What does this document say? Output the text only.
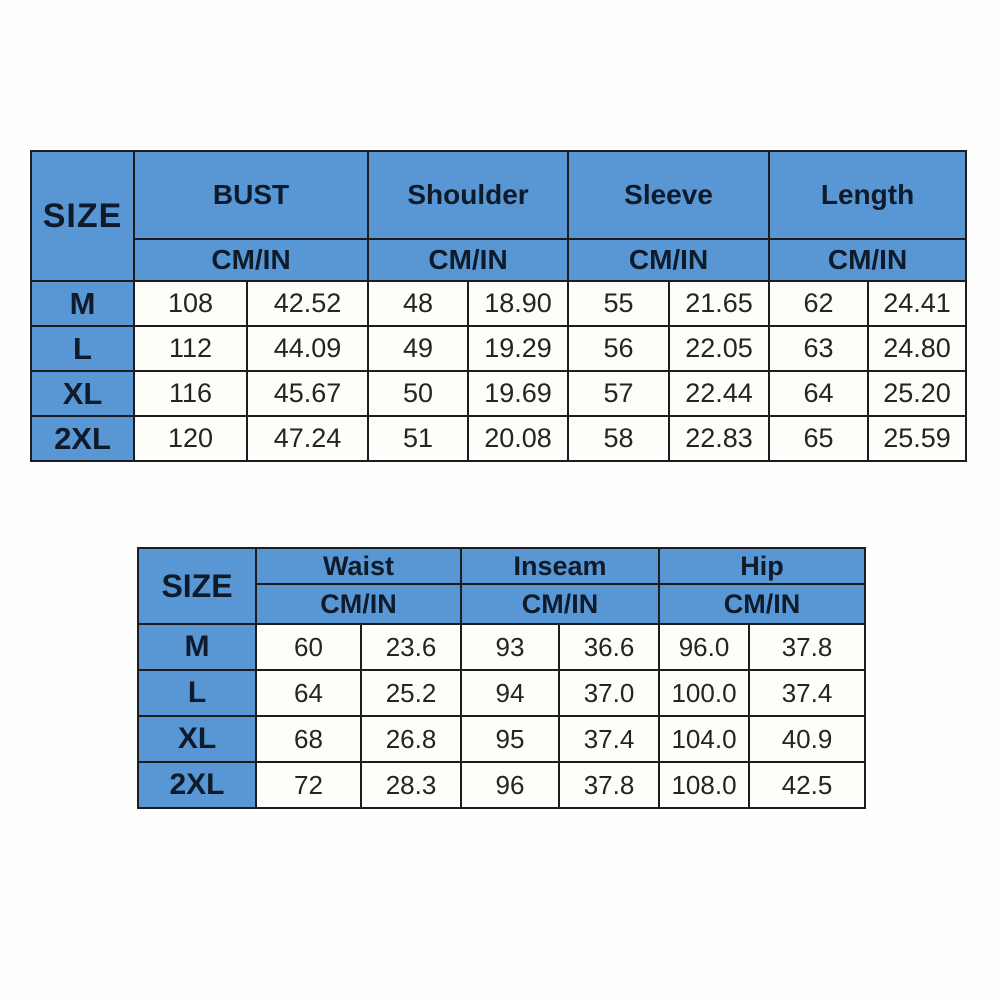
SIZE	BUST		Shoulder		Sleeve		Length	
	CM/IN		CM/IN		CM/IN		CM/IN	
M	108	42.52	48	18.90	55	21.65	62	24.41
L	112	44.09	49	19.29	56	22.05	63	24.80
XL	116	45.67	50	19.69	57	22.44	64	25.20
2XL	120	47.24	51	20.08	58	22.83	65	25.59
SIZE	Waist		Inseam		Hip	
	CM/IN		CM/IN		CM/IN	
M	60	23.6	93	36.6	96.0	37.8
L	64	25.2	94	37.0	100.0	37.4
XL	68	26.8	95	37.4	104.0	40.9
2XL	72	28.3	96	37.8	108.0	42.5
